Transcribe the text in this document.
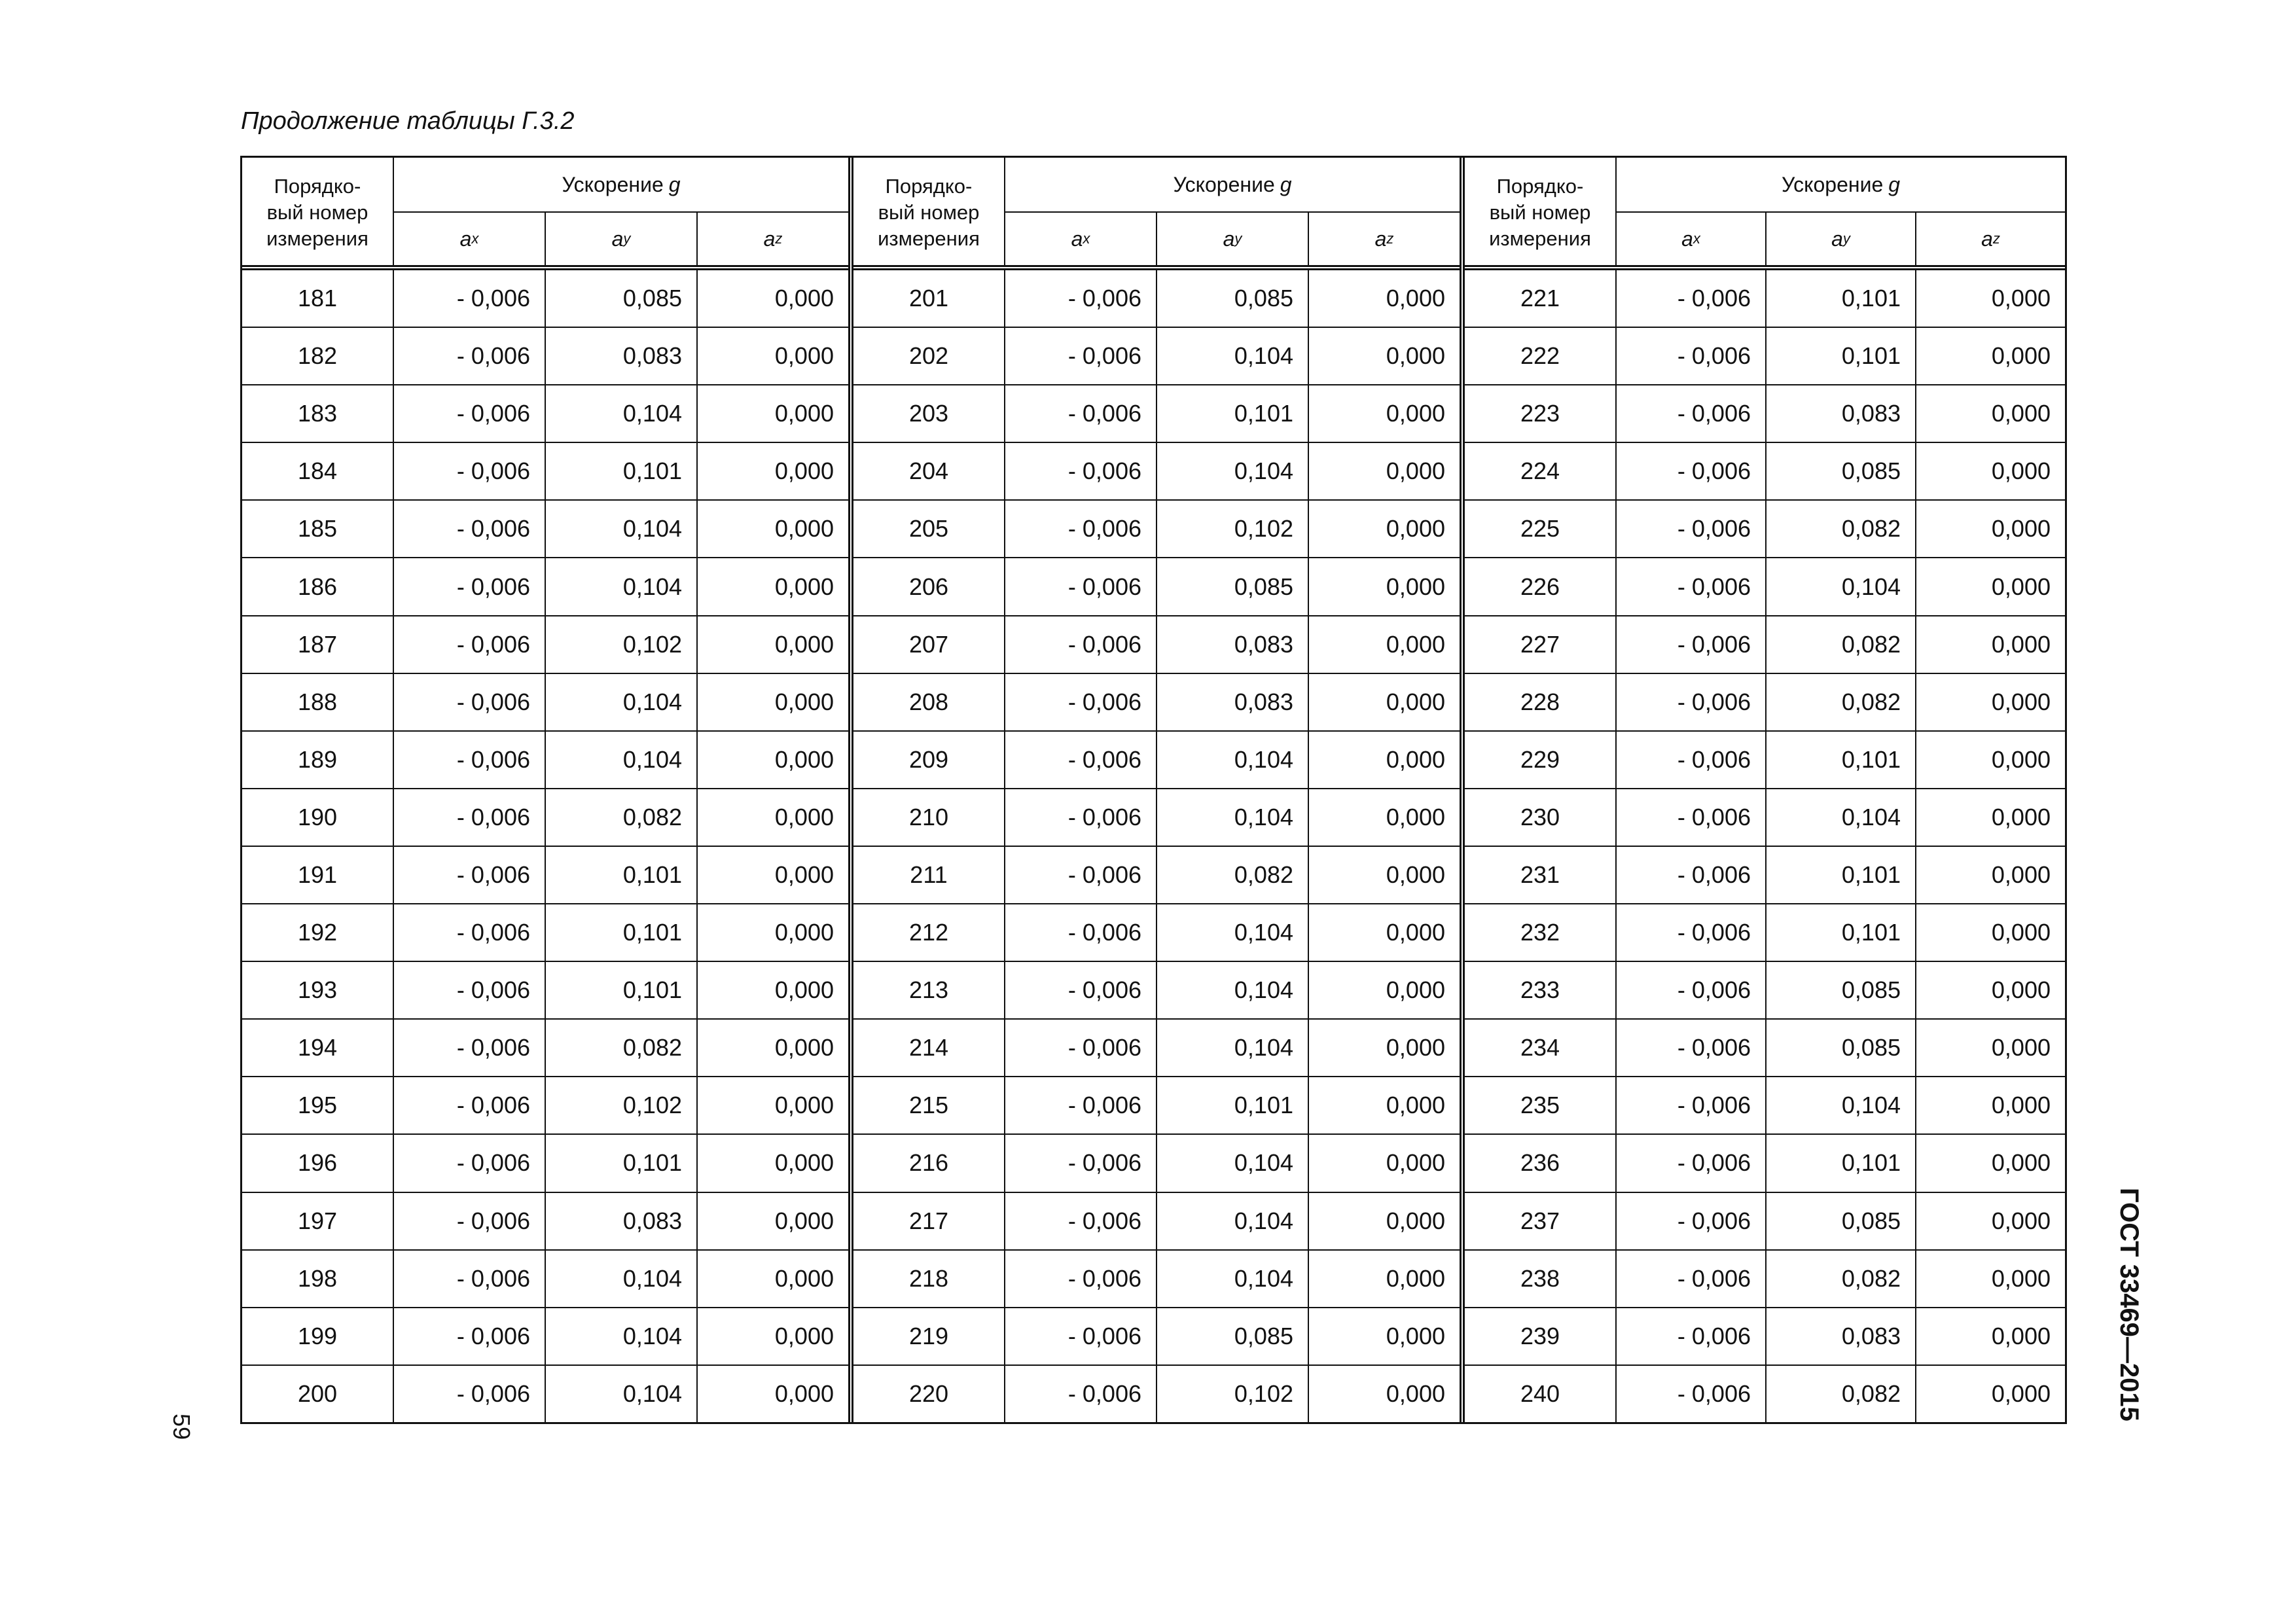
Продолжение таблицы Г.3.2
Порядко-
вый номер
измерения
Ускорение g
a x	a y	a z
181	- 0,006	0,085	0,000
182	- 0,006	0,083	0,000
183	- 0,006	0,104	0,000
184	- 0,006	0,101	0,000
185	- 0,006	0,104	0,000
186	- 0,006	0,104	0,000
187	- 0,006	0,102	0,000
188	- 0,006	0,104	0,000
189	- 0,006	0,104	0,000
190	- 0,006	0,082	0,000
191	- 0,006	0,101	0,000
192	- 0,006	0,101	0,000
193	- 0,006	0,101	0,000
194	- 0,006	0,082	0,000
195	- 0,006	0,102	0,000
196	- 0,006	0,101	0,000
197	- 0,006	0,083	0,000
198	- 0,006	0,104	0,000
199	- 0,006	0,104	0,000
200	- 0,006	0,104	0,000
Порядко-
вый номер
измерения
Ускорение g
a x	a y	a z
201	- 0,006	0,085	0,000
202	- 0,006	0,104	0,000
203	- 0,006	0,101	0,000
204	- 0,006	0,104	0,000
205	- 0,006	0,102	0,000
206	- 0,006	0,085	0,000
207	- 0,006	0,083	0,000
208	- 0,006	0,083	0,000
209	- 0,006	0,104	0,000
210	- 0,006	0,104	0,000
211	- 0,006	0,082	0,000
212	- 0,006	0,104	0,000
213	- 0,006	0,104	0,000
214	- 0,006	0,104	0,000
215	- 0,006	0,101	0,000
216	- 0,006	0,104	0,000
217	- 0,006	0,104	0,000
218	- 0,006	0,104	0,000
219	- 0,006	0,085	0,000
220	- 0,006	0,102	0,000
Порядко-
вый номер
измерения
Ускорение g
a x	a y	a z
221	- 0,006	0,101	0,000
222	- 0,006	0,101	0,000
223	- 0,006	0,083	0,000
224	- 0,006	0,085	0,000
225	- 0,006	0,082	0,000
226	- 0,006	0,104	0,000
227	- 0,006	0,082	0,000
228	- 0,006	0,082	0,000
229	- 0,006	0,101	0,000
230	- 0,006	0,104	0,000
231	- 0,006	0,101	0,000
232	- 0,006	0,101	0,000
233	- 0,006	0,085	0,000
234	- 0,006	0,085	0,000
235	- 0,006	0,104	0,000
236	- 0,006	0,101	0,000
237	- 0,006	0,085	0,000
238	- 0,006	0,082	0,000
239	- 0,006	0,083	0,000
240	- 0,006	0,082	0,000
59
ГОСТ 33469—2015
